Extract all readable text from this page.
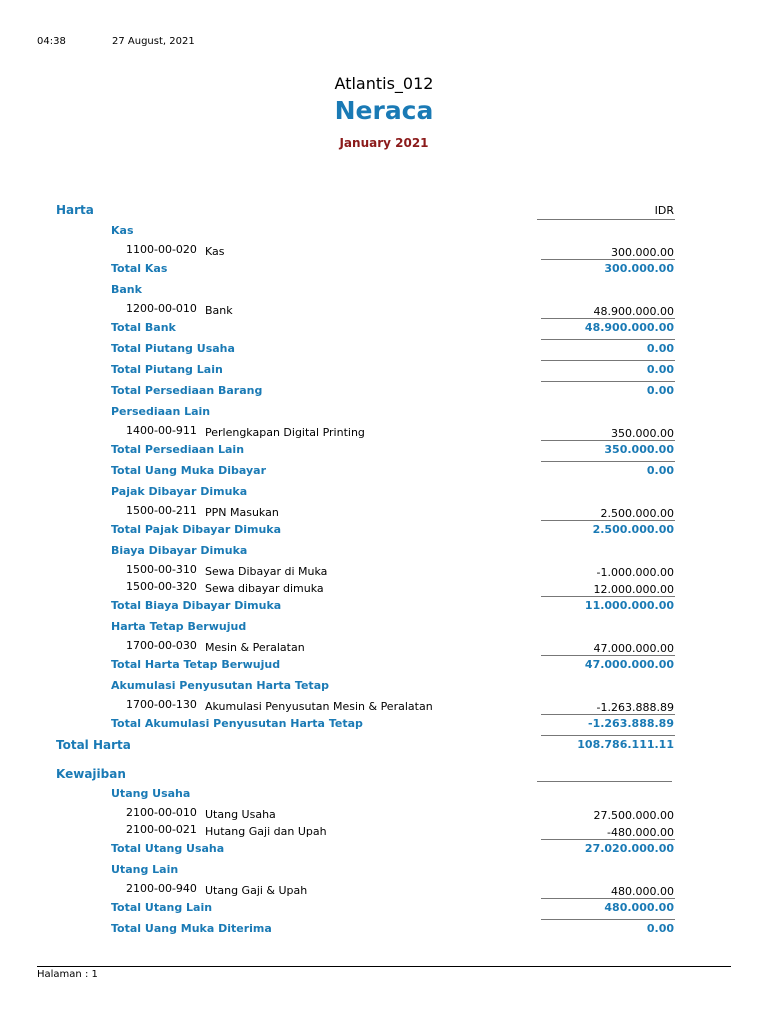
04:38	27 August, 2021
Atlantis_012
Neraca
January 2021
Harta	IDR
Kas
1100-00-020 Kas	300.000.00
Total Kas	300.000.00
Bank
1200-00-010 Bank	48.900.000.00
Total Bank	48.900.000.00
Total Piutang Usaha	0.00
Total Piutang Lain	0.00
Total Persediaan Barang	0.00
Persediaan Lain
1400-00-911 Perlengkapan Digital Printing	350.000.00
Total Persediaan Lain	350.000.00
Total Uang Muka Dibayar	0.00
Pajak Dibayar Dimuka
1500-00-211 PPN Masukan	2.500.000.00
Total Pajak Dibayar Dimuka	2.500.000.00
Biaya Dibayar Dimuka
1500-00-310 Sewa Dibayar di Muka	-1.000.000.00
1500-00-320 Sewa dibayar dimuka	12.000.000.00
Total Biaya Dibayar Dimuka	11.000.000.00
Harta Tetap Berwujud
1700-00-030 Mesin & Peralatan	47.000.000.00
Total Harta Tetap Berwujud	47.000.000.00
Akumulasi Penyusutan Harta Tetap
1700-00-130 Akumulasi Penyusutan Mesin & Peralatan	-1.263.888.89
Total Akumulasi Penyusutan Harta Tetap	-1.263.888.89
Total Harta	108.786.111.11
Kewajiban
Utang Usaha
2100-00-010 Utang Usaha	27.500.000.00
2100-00-021 Hutang Gaji dan Upah	-480.000.00
Total Utang Usaha	27.020.000.00
Utang Lain
2100-00-940 Utang Gaji & Upah	480.000.00
Total Utang Lain	480.000.00
Total Uang Muka Diterima	0.00
Halaman : 1
